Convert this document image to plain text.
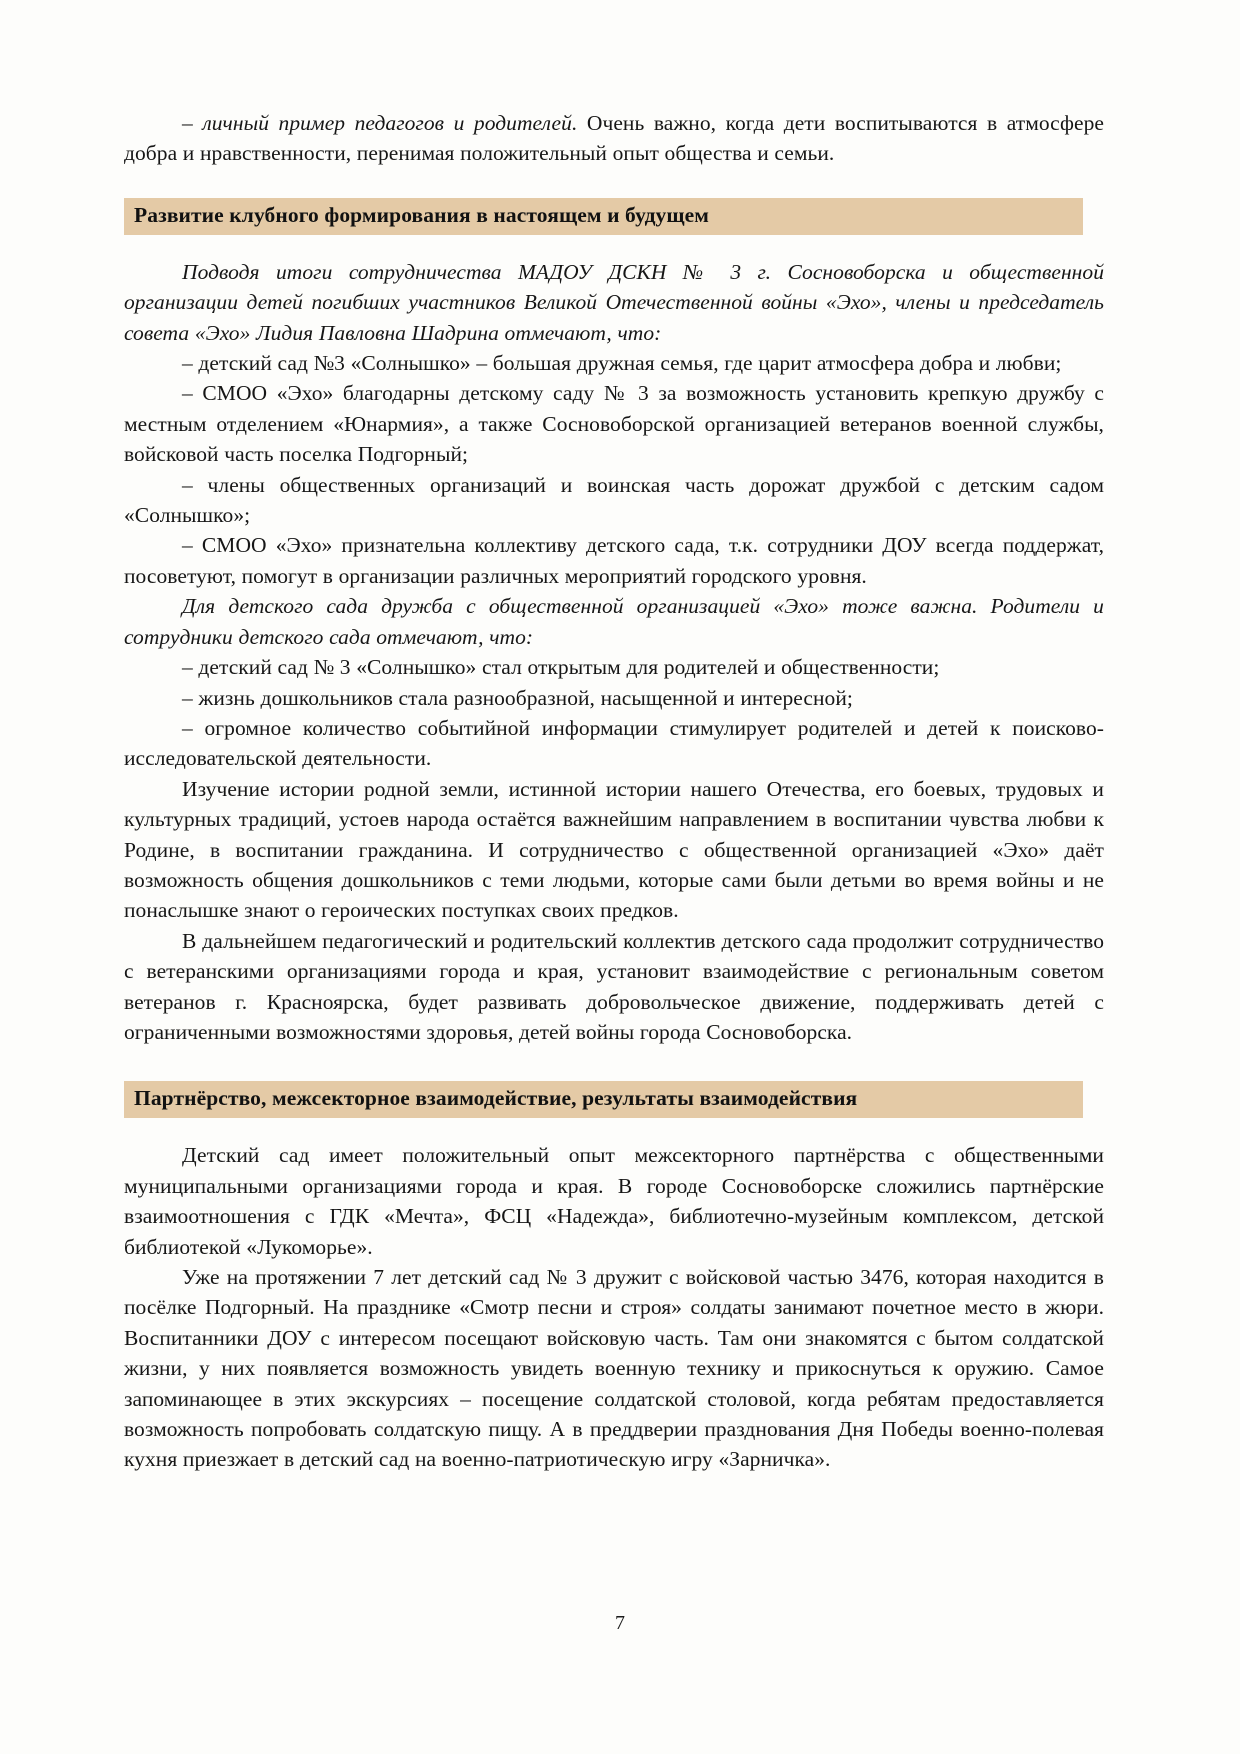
– личный пример педагогов и родителей. Очень важно, когда дети воспитываются в атмосфере добра и нравственности, перенимая положительный опыт общества и семьи.

Развитие клубного формирования в настоящем и будущем

Подводя итоги сотрудничества МАДОУ ДСКН № 3 г. Сосновоборска и общественной организации детей погибших участников Великой Отечественной войны «Эхо», члены и председатель совета «Эхо» Лидия Павловна Шадрина отмечают, что:

– детский сад №3 «Солнышко» – большая дружная семья, где царит атмосфера добра и любви;

– СМОО «Эхо» благодарны детскому саду № 3 за возможность установить крепкую дружбу с местным отделением «Юнармия», а также Сосновоборской организацией ветеранов военной службы, войсковой часть поселка Подгорный;

– члены общественных организаций и воинская часть дорожат дружбой с детским садом «Солнышко»;

– СМОО «Эхо» признательна коллективу детского сада, т.к. сотрудники ДОУ всегда поддержат, посоветуют, помогут в организации различных мероприятий городского уровня.

Для детского сада дружба с общественной организацией «Эхо» тоже важна. Родители и сотрудники детского сада отмечают, что:

– детский сад № 3 «Солнышко» стал открытым для родителей и общественности;

– жизнь дошкольников стала разнообразной, насыщенной и интересной;

– огромное количество событийной информации стимулирует родителей и детей к поисково-исследовательской деятельности.

Изучение истории родной земли, истинной истории нашего Отечества, его боевых, трудовых и культурных традиций, устоев народа остаётся важнейшим направлением в воспитании чувства любви к Родине, в воспитании гражданина. И сотрудничество с общественной организацией «Эхо» даёт возможность общения дошкольников с теми людьми, которые сами были детьми во время войны и не понаслышке знают о героических поступках своих предков.

В дальнейшем педагогический и родительский коллектив детского сада продолжит сотрудничество с ветеранскими организациями города и края, установит взаимодействие с региональным советом ветеранов г. Красноярска, будет развивать добровольческое движение, поддерживать детей с ограниченными возможностями здоровья, детей войны города Сосновоборска.

Партнёрство, межсекторное взаимодействие, результаты взаимодействия

Детский сад имеет положительный опыт межсекторного партнёрства с общественными муниципальными организациями города и края. В городе Сосновоборске сложились партнёрские взаимоотношения с ГДК «Мечта», ФСЦ «Надежда», библиотечно-музейным комплексом, детской библиотекой «Лукоморье».

Уже на протяжении 7 лет детский сад № 3 дружит с войсковой частью 3476, которая находится в посёлке Подгорный. На празднике «Смотр песни и строя» солдаты занимают почетное место в жюри. Воспитанники ДОУ с интересом посещают войсковую часть. Там они знакомятся с бытом солдатской жизни, у них появляется возможность увидеть военную технику и прикоснуться к оружию. Самое запоминающее в этих экскурсиях – посещение солдатской столовой, когда ребятам предоставляется возможность попробовать солдатскую пищу. А в преддверии празднования Дня Победы военно-полевая кухня приезжает в детский сад на военно-патриотическую игру «Зарничка».

7
